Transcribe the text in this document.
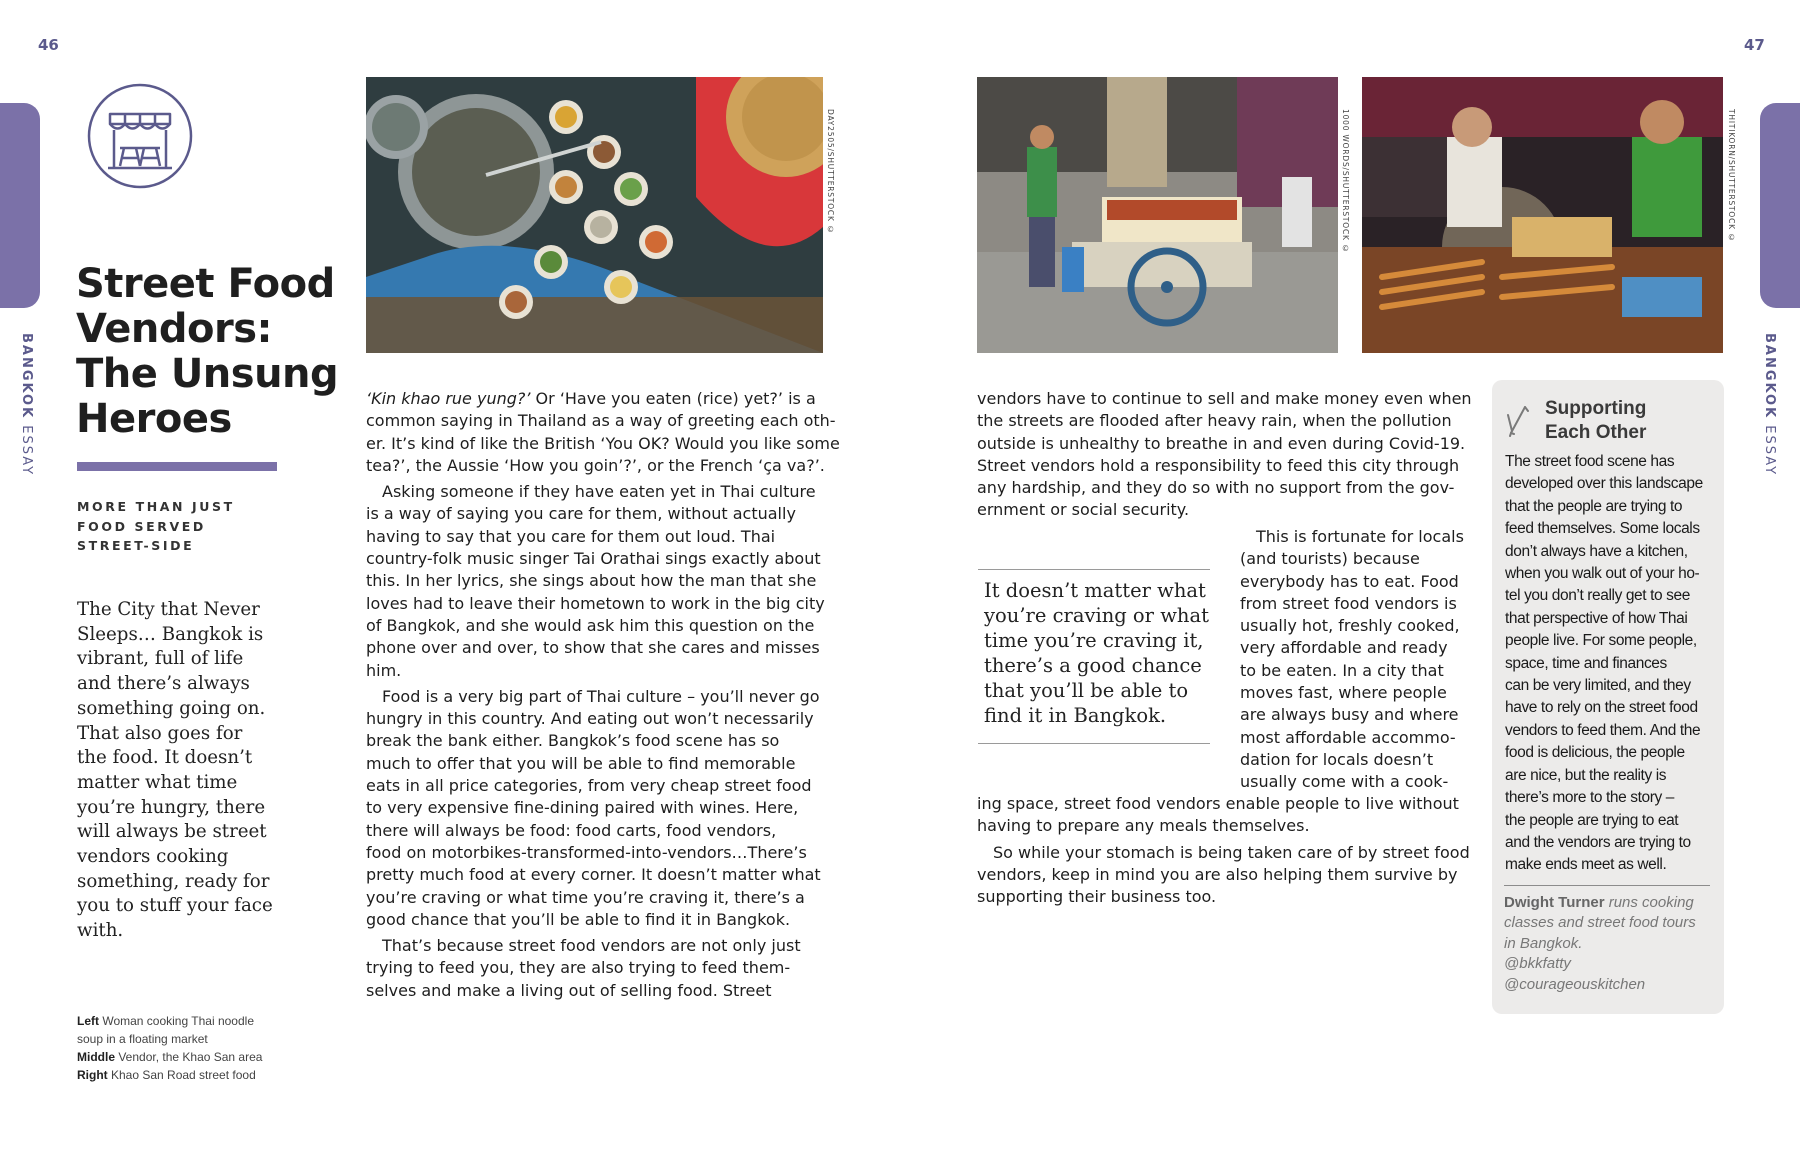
46	47
BANGKOK ESSAY
BANGKOK ESSAY
Street Food
Vendors:
The Unsung
Heroes
MORE THAN JUST
FOOD SERVED
STREET-SIDE
The City that Never
Sleeps… Bangkok is
vibrant, full of life
and there’s always
something going on.
That also goes for
the food. It doesn’t
matter what time
you’re hungry, there
will always be street
vendors cooking
something, ready for
you to stuff your face
with.
Left Woman cooking Thai noodle
soup in a floating market
Middle Vendor, the Khao San area
Right Khao San Road street food
DAY2505/SHUTTERSTOCK ©	1000 WORDS/SHUTTERSTOCK ©	THITIKORN/SHUTTERSTOCK ©
‘Kin khao rue yung?’ Or ‘Have you eaten (rice) yet?’ is a
common saying in Thailand as a way of greeting each oth-
er. It’s kind of like the British ‘You OK? Would you like some
tea?’, the Aussie ‘How you goin’?’, or the French ‘ça va?’.
 Asking someone if they have eaten yet in Thai culture
is a way of saying you care for them, without actually
having to say that you care for them out loud. Thai
country-folk music singer Tai Orathai sings exactly about
this. In her lyrics, she sings about how the man that she
loves had to leave their hometown to work in the big city
of Bangkok, and she would ask him this question on the
phone over and over, to show that she cares and misses
him.
 Food is a very big part of Thai culture – you’ll never go
hungry in this country. And eating out won’t necessarily
break the bank either. Bangkok’s food scene has so
much to offer that you will be able to find memorable
eats in all price categories, from very cheap street food
to very expensive fine-dining paired with wines. Here,
there will always be food: food carts, food vendors,
food on motorbikes-transformed-into-vendors…There’s
pretty much food at every corner. It doesn’t matter what
you’re craving or what time you’re craving it, there’s a
good chance that you’ll be able to find it in Bangkok.
 That’s because street food vendors are not only just
trying to feed you, they are also trying to feed them-
selves and make a living out of selling food. Street
vendors have to continue to sell and make money even when
the streets are flooded after heavy rain, when the pollution
outside is unhealthy to breathe in and even during Covid-19.
Street vendors hold a responsibility to feed this city through
any hardship, and they do so with no support from the gov-
ernment or social security.
It doesn’t matter what
you’re craving or what
time you’re craving it,
there’s a good chance
that you’ll be able to
find it in Bangkok.
 This is fortunate for locals
(and tourists) because
everybody has to eat. Food
from street food vendors is
usually hot, freshly cooked,
very affordable and ready
to be eaten. In a city that
moves fast, where people
are always busy and where
most affordable accommo-
dation for locals doesn’t
usually come with a cook-
ing space, street food vendors enable people to live without
having to prepare any meals themselves.
 So while your stomach is being taken care of by street food
vendors, keep in mind you are also helping them survive by
supporting their business too.
Supporting
Each Other
The street food scene has
developed over this landscape
that the people are trying to
feed themselves. Some locals
don’t always have a kitchen,
when you walk out of your ho-
tel you don’t really get to see
that perspective of how Thai
people live. For some people,
space, time and finances
can be very limited, and they
have to rely on the street food
vendors to feed them. And the
food is delicious, the people
are nice, but the reality is
there’s more to the story –
the people are trying to eat
and the vendors are trying to
make ends meet as well.
Dwight Turner runs cooking
classes and street food tours
in Bangkok.
@bkkfatty
@courageouskitchen
